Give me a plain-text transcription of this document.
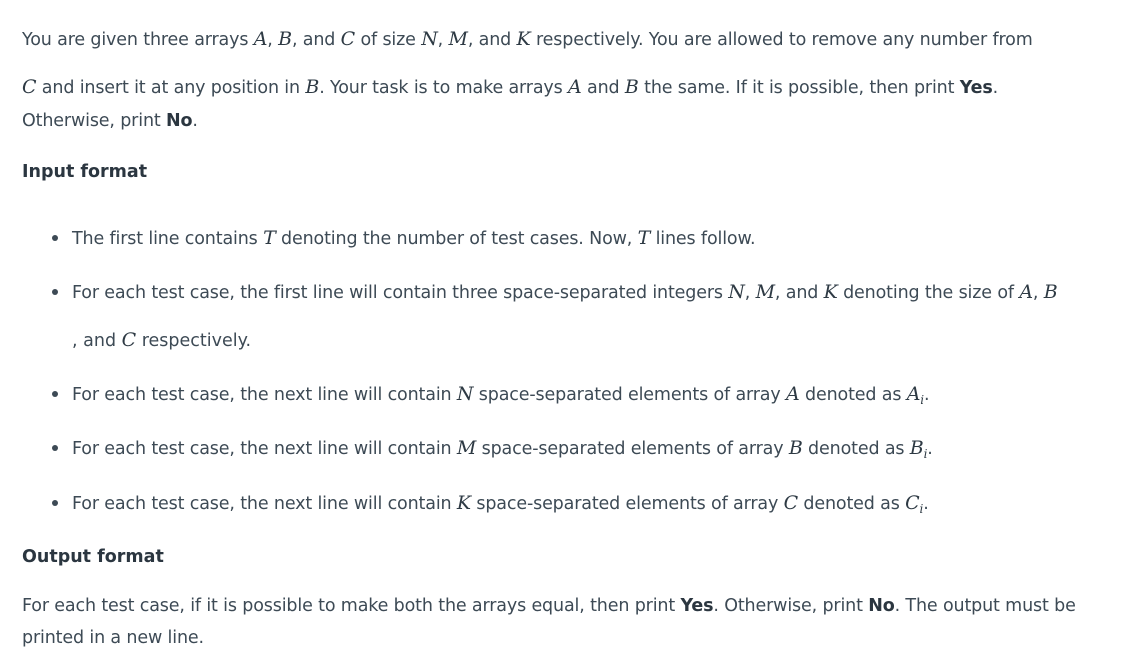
You are given three arrays A, B, and C of size N, M, and K respectively. You are allowed to remove any number from
C and insert it at any position in B. Your task is to make arrays A and B the same. If it is possible, then print Yes.
Otherwise, print No.
Input format
The first line contains T denoting the number of test cases. Now, T lines follow.
For each test case, the first line will contain three space-separated integers N, M, and K denoting the size of A, B
, and C respectively.
For each test case, the next line will contain N space-separated elements of array A denoted as $A_i$.
For each test case, the next line will contain M space-separated elements of array B denoted as $B_i$.
For each test case, the next line will contain K space-separated elements of array C denoted as $C_i$.
Output format
For each test case, if it is possible to make both the arrays equal, then print Yes. Otherwise, print No. The output must be
printed in a new line.
